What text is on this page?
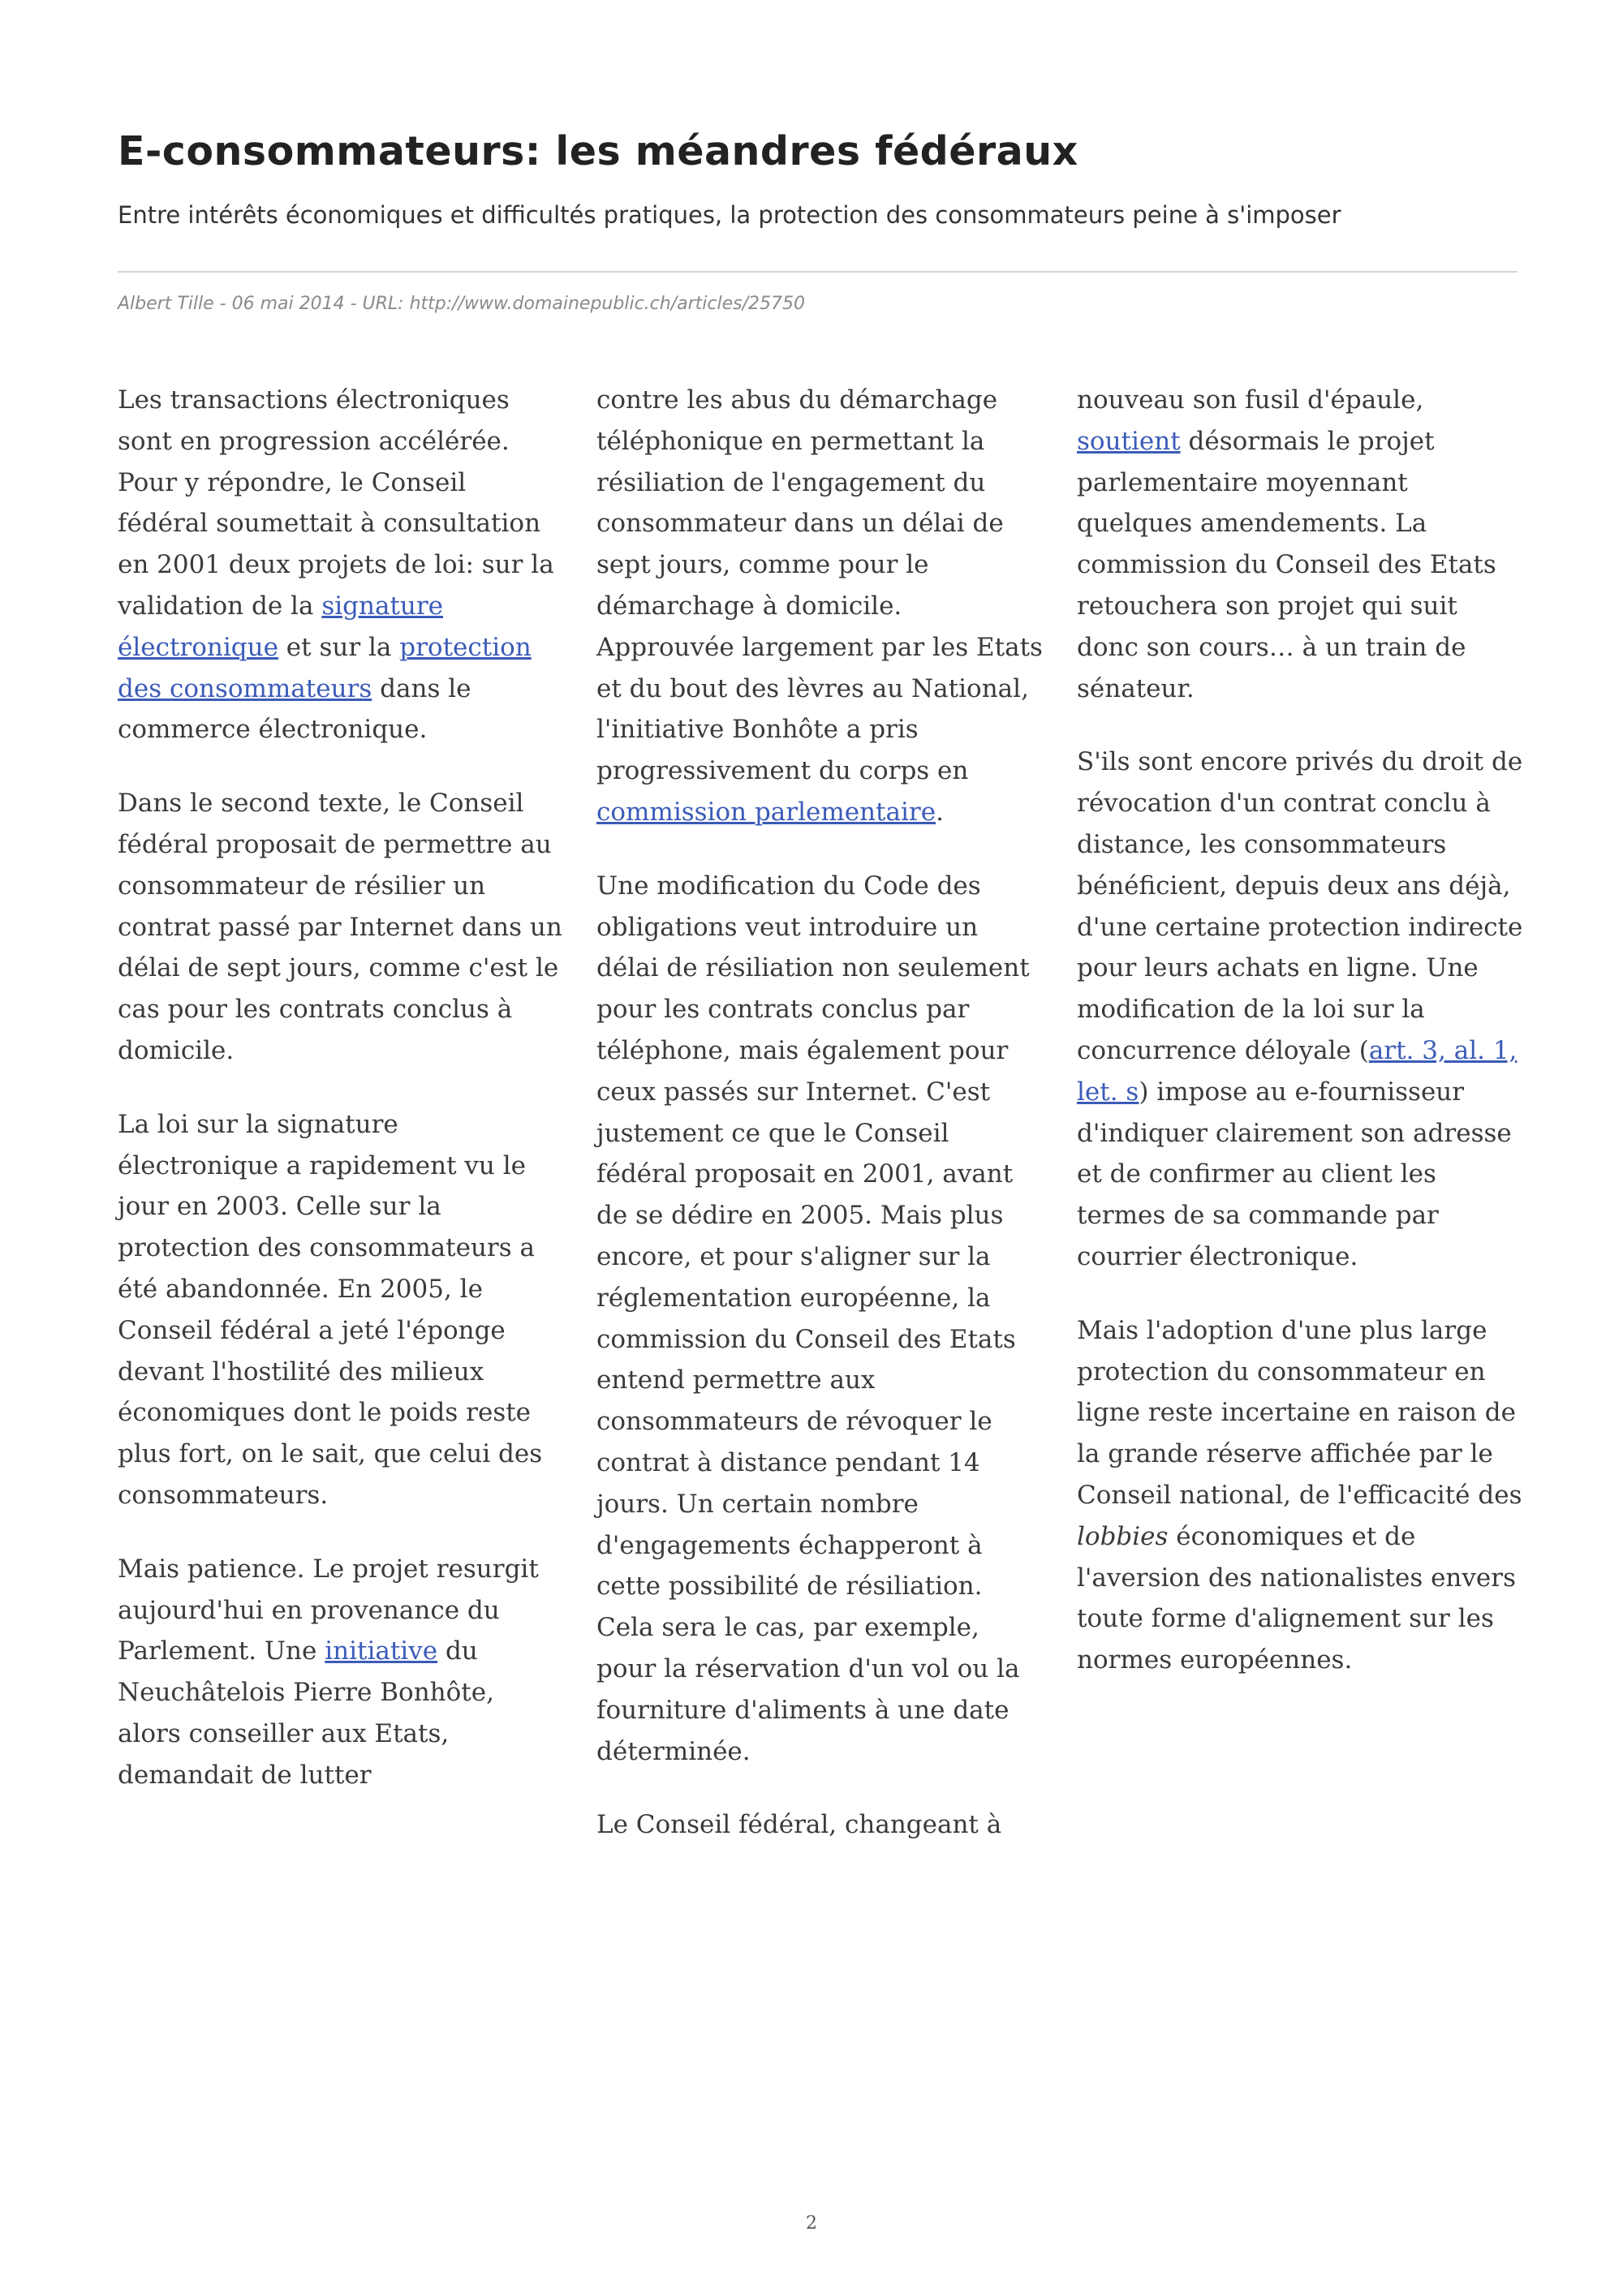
E-consommateurs: les méandres fédéraux

Entre intérêts économiques et difficultés pratiques, la protection des consommateurs peine à s'imposer

Albert Tille - 06 mai 2014 - URL: http://www.domainepublic.ch/articles/25750

Les transactions électroniques sont en progression accélérée. Pour y répondre, le Conseil fédéral soumettait à consultation en 2001 deux projets de loi: sur la validation de la signature électronique et sur la protection des consommateurs dans le commerce électronique.

Dans le second texte, le Conseil fédéral proposait de permettre au consommateur de résilier un contrat passé par Internet dans un délai de sept jours, comme c'est le cas pour les contrats conclus à domicile.

La loi sur la signature électronique a rapidement vu le jour en 2003. Celle sur la protection des consommateurs a été abandonnée. En 2005, le Conseil fédéral a jeté l'éponge devant l'hostilité des milieux économiques dont le poids reste plus fort, on le sait, que celui des consommateurs.

Mais patience. Le projet resurgit aujourd'hui en provenance du Parlement. Une initiative du Neuchâtelois Pierre Bonhôte, alors conseiller aux Etats, demandait de lutter

contre les abus du démarchage téléphonique en permettant la résiliation de l'engagement du consommateur dans un délai de sept jours, comme pour le démarchage à domicile. Approuvée largement par les Etats et du bout des lèvres au National, l'initiative Bonhôte a pris progressivement du corps en commission parlementaire.

Une modification du Code des obligations veut introduire un délai de résiliation non seulement pour les contrats conclus par téléphone, mais également pour ceux passés sur Internet. C'est justement ce que le Conseil fédéral proposait en 2001, avant de se dédire en 2005. Mais plus encore, et pour s'aligner sur la réglementation européenne, la commission du Conseil des Etats entend permettre aux consommateurs de révoquer le contrat à distance pendant 14 jours. Un certain nombre d'engagements échapperont à cette possibilité de résiliation. Cela sera le cas, par exemple, pour la réservation d'un vol ou la fourniture d'aliments à une date déterminée.

Le Conseil fédéral, changeant à

nouveau son fusil d'épaule, soutient désormais le projet parlementaire moyennant quelques amendements. La commission du Conseil des Etats retouchera son projet qui suit donc son cours… à un train de sénateur.

S'ils sont encore privés du droit de révocation d'un contrat conclu à distance, les consommateurs bénéficient, depuis deux ans déjà, d'une certaine protection indirecte pour leurs achats en ligne. Une modification de la loi sur la concurrence déloyale (art. 3, al. 1, let. s) impose au e-fournisseur d'indiquer clairement son adresse et de confirmer au client les termes de sa commande par courrier électronique.

Mais l'adoption d'une plus large protection du consommateur en ligne reste incertaine en raison de la grande réserve affichée par le Conseil national, de l'efficacité des lobbies économiques et de l'aversion des nationalistes envers toute forme d'alignement sur les normes européennes.

2
